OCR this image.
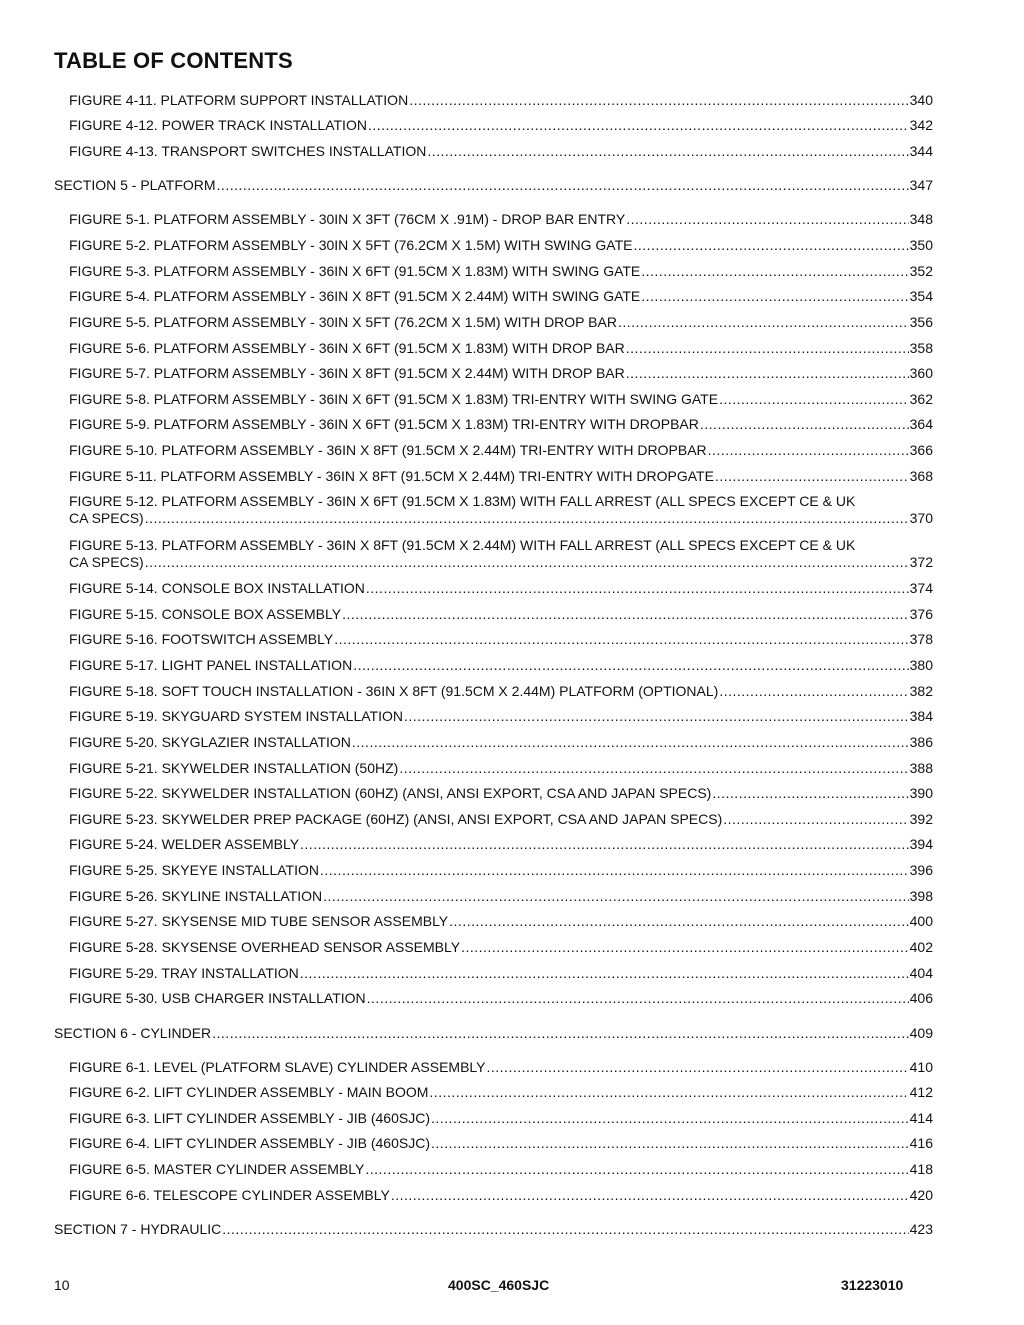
TABLE OF CONTENTS
FIGURE 4-11. PLATFORM SUPPORT INSTALLATION .....	340
FIGURE 4-12. POWER TRACK INSTALLATION .....	342
FIGURE 4-13. TRANSPORT SWITCHES INSTALLATION .....	344
SECTION 5 - PLATFORM .....	347
FIGURE 5-1. PLATFORM ASSEMBLY - 30IN X 3FT (76CM X .91M) - DROP BAR ENTRY .....	348
FIGURE 5-2. PLATFORM ASSEMBLY - 30IN X 5FT (76.2CM X 1.5M) WITH SWING GATE .....	350
FIGURE 5-3. PLATFORM ASSEMBLY - 36IN X 6FT (91.5CM X 1.83M) WITH SWING GATE .....	352
FIGURE 5-4. PLATFORM ASSEMBLY - 36IN X 8FT (91.5CM X 2.44M) WITH SWING GATE .....	354
FIGURE 5-5. PLATFORM ASSEMBLY - 30IN X 5FT (76.2CM X 1.5M) WITH DROP BAR .....	356
FIGURE 5-6. PLATFORM ASSEMBLY - 36IN X 6FT (91.5CM X 1.83M) WITH DROP BAR .....	358
FIGURE 5-7. PLATFORM ASSEMBLY - 36IN X 8FT (91.5CM X 2.44M) WITH DROP BAR .....	360
FIGURE 5-8. PLATFORM ASSEMBLY - 36IN X 6FT (91.5CM X 1.83M) TRI-ENTRY WITH SWING GATE .....	362
FIGURE 5-9. PLATFORM ASSEMBLY - 36IN X 6FT (91.5CM X 1.83M) TRI-ENTRY WITH DROPBAR .....	364
FIGURE 5-10. PLATFORM ASSEMBLY - 36IN X 8FT (91.5CM X 2.44M) TRI-ENTRY WITH DROPBAR .....	366
FIGURE 5-11. PLATFORM ASSEMBLY - 36IN X 8FT (91.5CM X 2.44M) TRI-ENTRY WITH DROPGATE .....	368
FIGURE 5-12. PLATFORM ASSEMBLY - 36IN X 6FT (91.5CM X 1.83M) WITH FALL ARREST (ALL SPECS EXCEPT CE & UK
CA SPECS) .....	370
FIGURE 5-13. PLATFORM ASSEMBLY - 36IN X 8FT (91.5CM X 2.44M) WITH FALL ARREST (ALL SPECS EXCEPT CE & UK
CA SPECS) .....	372
FIGURE 5-14. CONSOLE BOX INSTALLATION .....	374
FIGURE 5-15. CONSOLE BOX ASSEMBLY .....	376
FIGURE 5-16. FOOTSWITCH ASSEMBLY .....	378
FIGURE 5-17. LIGHT PANEL INSTALLATION .....	380
FIGURE 5-18. SOFT TOUCH INSTALLATION - 36IN X 8FT (91.5CM X 2.44M) PLATFORM (OPTIONAL) .....	382
FIGURE 5-19. SKYGUARD SYSTEM INSTALLATION .....	384
FIGURE 5-20. SKYGLAZIER INSTALLATION .....	386
FIGURE 5-21. SKYWELDER INSTALLATION (50HZ) .....	388
FIGURE 5-22. SKYWELDER INSTALLATION (60HZ) (ANSI, ANSI EXPORT, CSA AND JAPAN SPECS) .....	390
FIGURE 5-23. SKYWELDER PREP PACKAGE (60HZ) (ANSI, ANSI EXPORT, CSA AND JAPAN SPECS) .....	392
FIGURE 5-24. WELDER ASSEMBLY .....	394
FIGURE 5-25. SKYEYE INSTALLATION .....	396
FIGURE 5-26. SKYLINE INSTALLATION .....	398
FIGURE 5-27. SKYSENSE MID TUBE SENSOR ASSEMBLY .....	400
FIGURE 5-28. SKYSENSE OVERHEAD SENSOR ASSEMBLY .....	402
FIGURE 5-29. TRAY INSTALLATION .....	404
FIGURE 5-30. USB CHARGER INSTALLATION .....	406
SECTION 6 - CYLINDER .....	409
FIGURE 6-1. LEVEL (PLATFORM SLAVE) CYLINDER ASSEMBLY .....	410
FIGURE 6-2. LIFT CYLINDER ASSEMBLY - MAIN BOOM .....	412
FIGURE 6-3. LIFT CYLINDER ASSEMBLY - JIB (460SJC) .....	414
FIGURE 6-4. LIFT CYLINDER ASSEMBLY - JIB (460SJC) .....	416
FIGURE 6-5. MASTER CYLINDER ASSEMBLY .....	418
FIGURE 6-6. TELESCOPE CYLINDER ASSEMBLY .....	420
SECTION 7 - HYDRAULIC .....	423
10	400SC_460SJC	31223010
